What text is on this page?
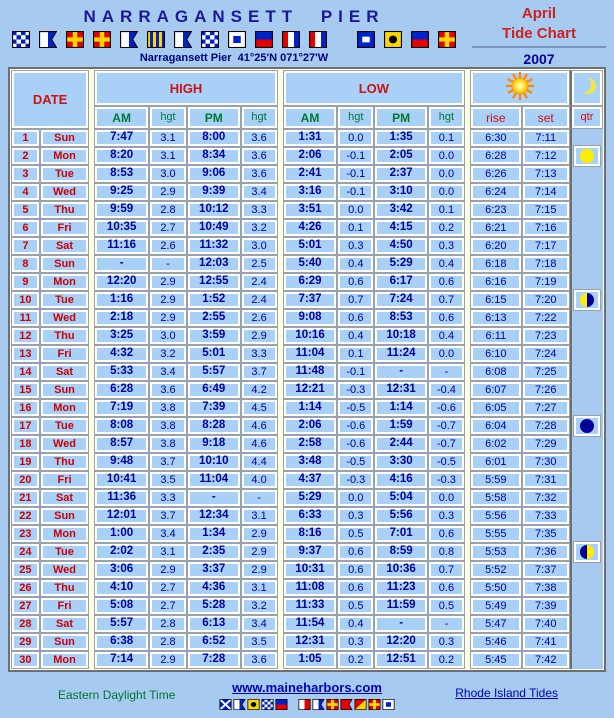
NARRAGANSETT PIER
Narragansett Pier 41°25'N 071°27'W
April
Tide Chart
2007
DATE			HIGH					LOW			
			AM	hgt	PM	hgt		AM	hgt	PM	hgt		rise	set	qtr
1	Sun		7:47	3.1	8:00	3.6		1:31	0.0	1:35	0.1		6:30	7:11	
2	Mon		8:20	3.1	8:34	3.6		2:06	-0.1	2:05	0.0		6:28	7:12	

3	Tue		8:53	3.0	9:06	3.6		2:41	-0.1	2:37	0.0		6:26	7:13	
4	Wed		9:25	2.9	9:39	3.4		3:16	-0.1	3:10	0.0		6:24	7:14	
5	Thu		9:59	2.8	10:12	3.3		3:51	0.0	3:42	0.1		6:23	7:15	
6	Fri		10:35	2.7	10:49	3.2		4:26	0.1	4:15	0.2		6:21	7:16	
7	Sat		11:16	2.6	11:32	3.0		5:01	0.3	4:50	0.3		6:20	7:17	
8	Sun		-	-	12:03	2.5		5:40	0.4	5:29	0.4		6:18	7:18	
9	Mon		12:20	2.9	12:55	2.4		6:29	0.6	6:17	0.6		6:16	7:19	
10	Tue		1:16	2.9	1:52	2.4		7:37	0.7	7:24	0.7		6:15	7:20	

11	Wed		2:18	2.9	2:55	2.6		9:08	0.6	8:53	0.6		6:13	7:22	
12	Thu		3:25	3.0	3:59	2.9		10:16	0.4	10:18	0.4		6:11	7:23	
13	Fri		4:32	3.2	5:01	3.3		11:04	0.1	11:24	0.0		6:10	7:24	
14	Sat		5:33	3.4	5:57	3.7		11:48	-0.1	-	-		6:08	7:25	
15	Sun		6:28	3.6	6:49	4.2		12:21	-0.3	12:31	-0.4		6:07	7:26	
16	Mon		7:19	3.8	7:39	4.5		1:14	-0.5	1:14	-0.6		6:05	7:27	
17	Tue		8:08	3.8	8:28	4.6		2:06	-0.6	1:59	-0.7		6:04	7:28	

18	Wed		8:57	3.8	9:18	4.6		2:58	-0.6	2:44	-0.7		6:02	7:29	
19	Thu		9:48	3.7	10:10	4.4		3:48	-0.5	3:30	-0.5		6:01	7:30	
20	Fri		10:41	3.5	11:04	4.0		4:37	-0.3	4:16	-0.3		5:59	7:31	
21	Sat		11:36	3.3	-	-		5:29	0.0	5:04	0.0		5:58	7:32	
22	Sun		12:01	3.7	12:34	3.1		6:33	0.3	5:56	0.3		5:56	7:33	
23	Mon		1:00	3.4	1:34	2.9		8:16	0.5	7:01	0.6		5:55	7:35	
24	Tue		2:02	3.1	2:35	2.9		9:37	0.6	8:59	0.8		5:53	7:36	

25	Wed		3:06	2.9	3:37	2.9		10:31	0.6	10:36	0.7		5:52	7:37	
26	Thu		4:10	2.7	4:36	3.1		11:08	0.6	11:23	0.6		5:50	7:38	
27	Fri		5:08	2.7	5:28	3.2		11:33	0.5	11:59	0.5		5:49	7:39	
28	Sat		5:57	2.8	6:13	3.4		11:54	0.4	-	-		5:47	7:40	
29	Sun		6:38	2.8	6:52	3.5		12:31	0.3	12:20	0.3		5:46	7:41	
30	Mon		7:14	2.9	7:28	3.6		1:05	0.2	12:51	0.2		5:45	7:42	
Eastern Daylight Time	www.maineharbors.com	Rhode Island Tides
